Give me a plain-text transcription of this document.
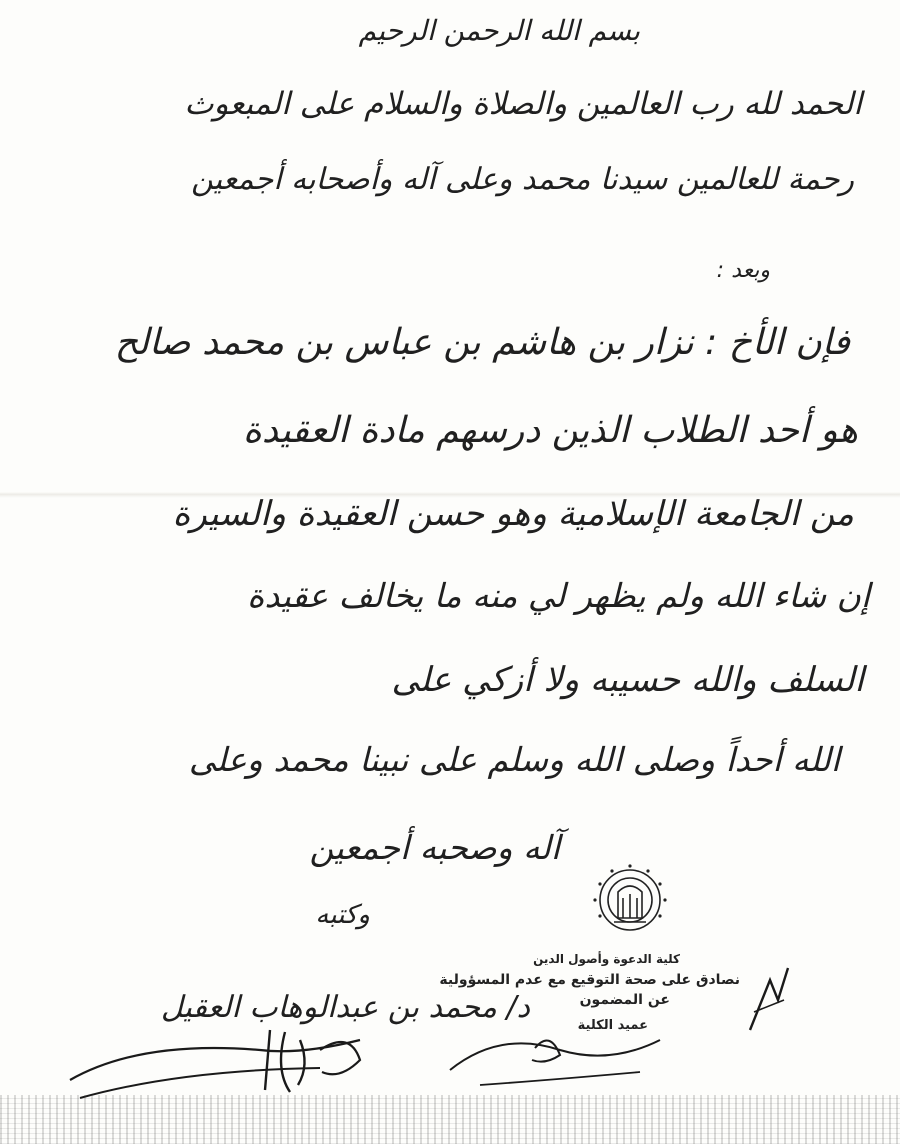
بسم الله الرحمن الرحيم
الحمد لله رب العالمين والصلاة والسلام على المبعوث
رحمة للعالمين سيدنا محمد وعلى آله وأصحابه أجمعين
وبعد :
فإن الأخ : نزار بن هاشم بن عباس بن محمد صالح
هو أحد الطلاب الذين درسهم مادة العقيدة
من الجامعة الإسلامية وهو حسن العقيدة والسيرة
إن شاء الله ولم يظهر لي منه ما يخالف عقيدة
السلف والله حسيبه ولا أزكي على
الله أحداً وصلى الله وسلم على نبينا محمد وعلى
آله وصحبه أجمعين
وكتبه
د/ محمد بن عبدالوهاب العقيل
كلية الدعوة وأصول الدين
نصادق على صحة التوقيع مع عدم المسؤولية
عن المضمون
عميد الكلية
